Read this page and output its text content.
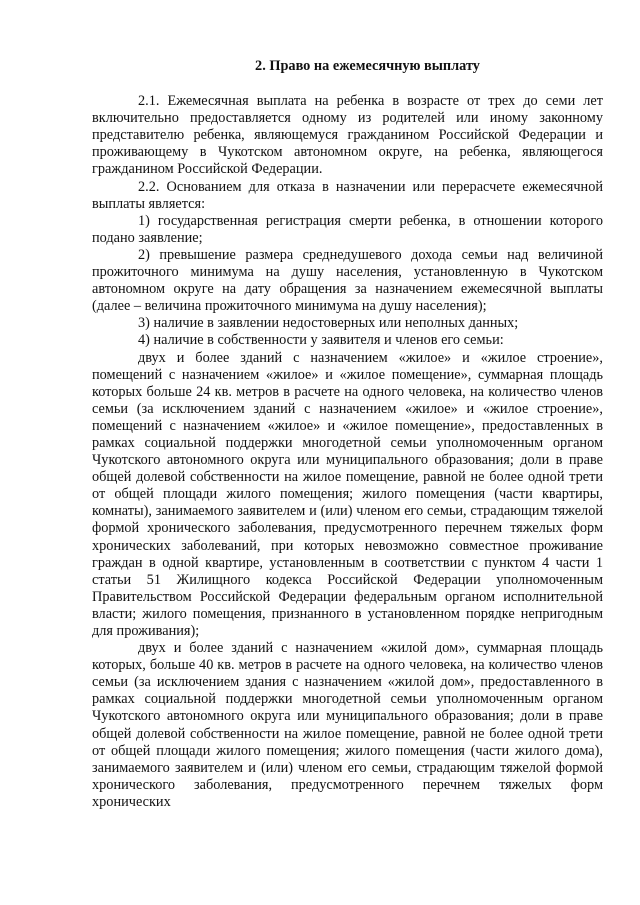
2. Право на ежемесячную выплату

2.1. Ежемесячная выплата на ребенка в возрасте от трех до семи лет включительно предоставляется одному из родителей или иному законному представителю ребенка, являющемуся гражданином Российской Федерации и проживающему в Чукотском автономном округе, на ребенка, являющегося гражданином Российской Федерации.

2.2. Основанием для отказа в назначении или перерасчете ежемесячной выплаты является:

1) государственная регистрация смерти ребенка, в отношении которого подано заявление;

2) превышение размера среднедушевого дохода семьи над величиной прожиточного минимума на душу населения, установленную в Чукотском автономном округе на дату обращения за назначением ежемесячной выплаты (далее – величина прожиточного минимума на душу населения);

3) наличие в заявлении недостоверных или неполных данных;

4) наличие в собственности у заявителя и членов его семьи:

двух и более зданий с назначением «жилое» и «жилое строение», помещений с назначением «жилое» и «жилое помещение», суммарная площадь которых больше 24 кв. метров в расчете на одного человека, на количество членов семьи (за исключением зданий с назначением «жилое» и «жилое строение», помещений с назначением «жилое» и «жилое помещение», предоставленных в рамках социальной поддержки многодетной семьи уполномоченным органом Чукотского автономного округа или муниципального образования; доли в праве общей долевой собственности на жилое помещение, равной не более одной трети от общей площади жилого помещения; жилого помещения (части квартиры, комнаты), занимаемого заявителем и (или) членом его семьи, страдающим тяжелой формой хронического заболевания, предусмотренного перечнем тяжелых форм хронических заболеваний, при которых невозможно совместное проживание граждан в одной квартире, установленным в соответствии с пунктом 4 части 1 статьи 51 Жилищного кодекса Российской Федерации уполномоченным Правительством Российской Федерации федеральным органом исполнительной власти; жилого помещения, признанного в установленном порядке непригодным для проживания);

двух и более зданий с назначением «жилой дом», суммарная площадь которых, больше 40 кв. метров в расчете на одного человека, на количество членов семьи (за исключением здания с назначением «жилой дом», предоставленного в рамках социальной поддержки многодетной семьи уполномоченным органом Чукотского автономного округа или муниципального образования; доли в праве общей долевой собственности на жилое помещение, равной не более одной трети от общей площади жилого помещения; жилого помещения (части жилого дома), занимаемого заявителем и (или) членом его семьи, страдающим тяжелой формой хронического заболевания, предусмотренного перечнем тяжелых форм хронических
